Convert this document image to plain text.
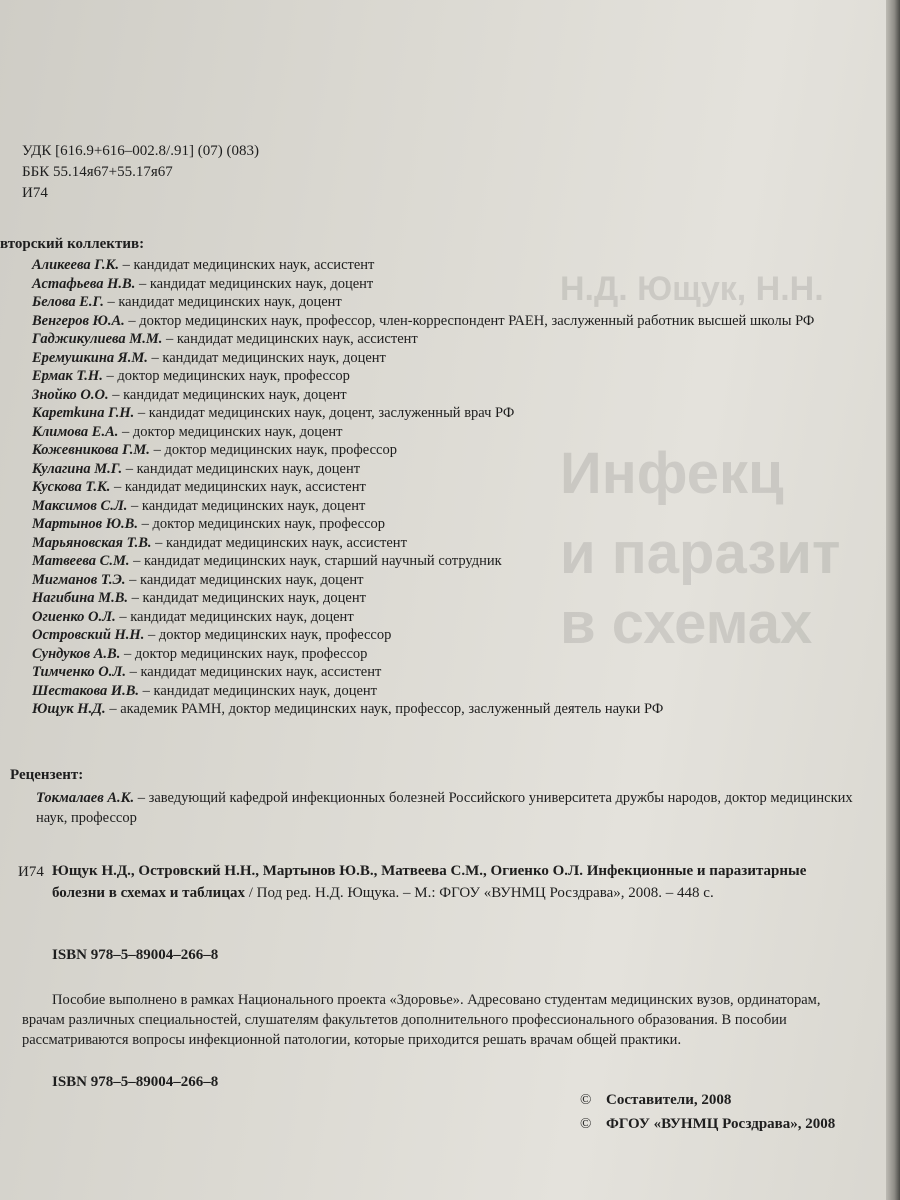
Н.Д. Ющук, Н.Н.
Инфекц
и паразит
в схемах
УДК [616.9+616–002.8/.91] (07) (083)
ББК 55.14я67+55.17я67
И74
вторский коллектив:
Аликеева Г.К. – кандидат медицинских наук, ассистент
Астафьева Н.В. – кандидат медицинских наук, доцент
Белова Е.Г. – кандидат медицинских наук, доцент
Венгеров Ю.А. – доктор медицинских наук, профессор, член-корреспондент РАЕН, заслуженный работник высшей школы РФ
Гаджикулиева М.М. – кандидат медицинских наук, ассистент
Еремушкина Я.М. – кандидат медицинских наук, доцент
Ермак Т.Н. – доктор медицинских наук, профессор
Знойко О.О. – кандидат медицинских наук, доцент
Каретkина Г.Н. – кандидат медицинских наук, доцент, заслуженный врач РФ
Климова Е.А. – доктор медицинских наук, доцент
Кожевникова Г.М. – доктор медицинских наук, профессор
Кулагина М.Г. – кандидат медицинских наук, доцент
Кускова Т.К. – кандидат медицинских наук, ассистент
Максимов С.Л. – кандидат медицинских наук, доцент
Мартынов Ю.В. – доктор медицинских наук, профессор
Марьяновская Т.В. – кандидат медицинских наук, ассистент
Матвеева С.М. – кандидат медицинских наук, старший научный сотрудник
Мигманов Т.Э. – кандидат медицинских наук, доцент
Нагибина М.В. – кандидат медицинских наук, доцент
Огиенко О.Л. – кандидат медицинских наук, доцент
Островский Н.Н. – доктор медицинских наук, профессор
Сундуков А.В. – доктор медицинских наук, профессор
Тимченко О.Л. – кандидат медицинских наук, ассистент
Шестакова И.В. – кандидат медицинских наук, доцент
Ющук Н.Д. – академик РАМН, доктор медицинских наук, профессор, заслуженный деятель науки РФ
Рецензент:
Токмалаев А.К. – заведующий кафедрой инфекционных болезней Российского университета дружбы народов, доктор медицинских наук, профессор
И74 Ющук Н.Д., Островский Н.Н., Мартынов Ю.В., Матвеева С.М., Огиенко О.Л. Инфекционные и паразитарные болезни в схемах и таблицах / Под ред. Н.Д. Ющука. – М.: ФГОУ «ВУНМЦ Росздрава», 2008. – 448 с.
ISBN 978–5–89004–266–8
Пособие выполнено в рамках Национального проекта «Здоровье». Адресовано студентам медицинских вузов, ординаторам, врачам различных специальностей, слушателям факультетов дополнительного профессионального образования. В пособии рассматриваются вопросы инфекционной патологии, которые приходится решать врачам общей практики.
ISBN 978–5–89004–266–8
© Составители, 2008
© ФГОУ «ВУНМЦ Росздрава», 2008
